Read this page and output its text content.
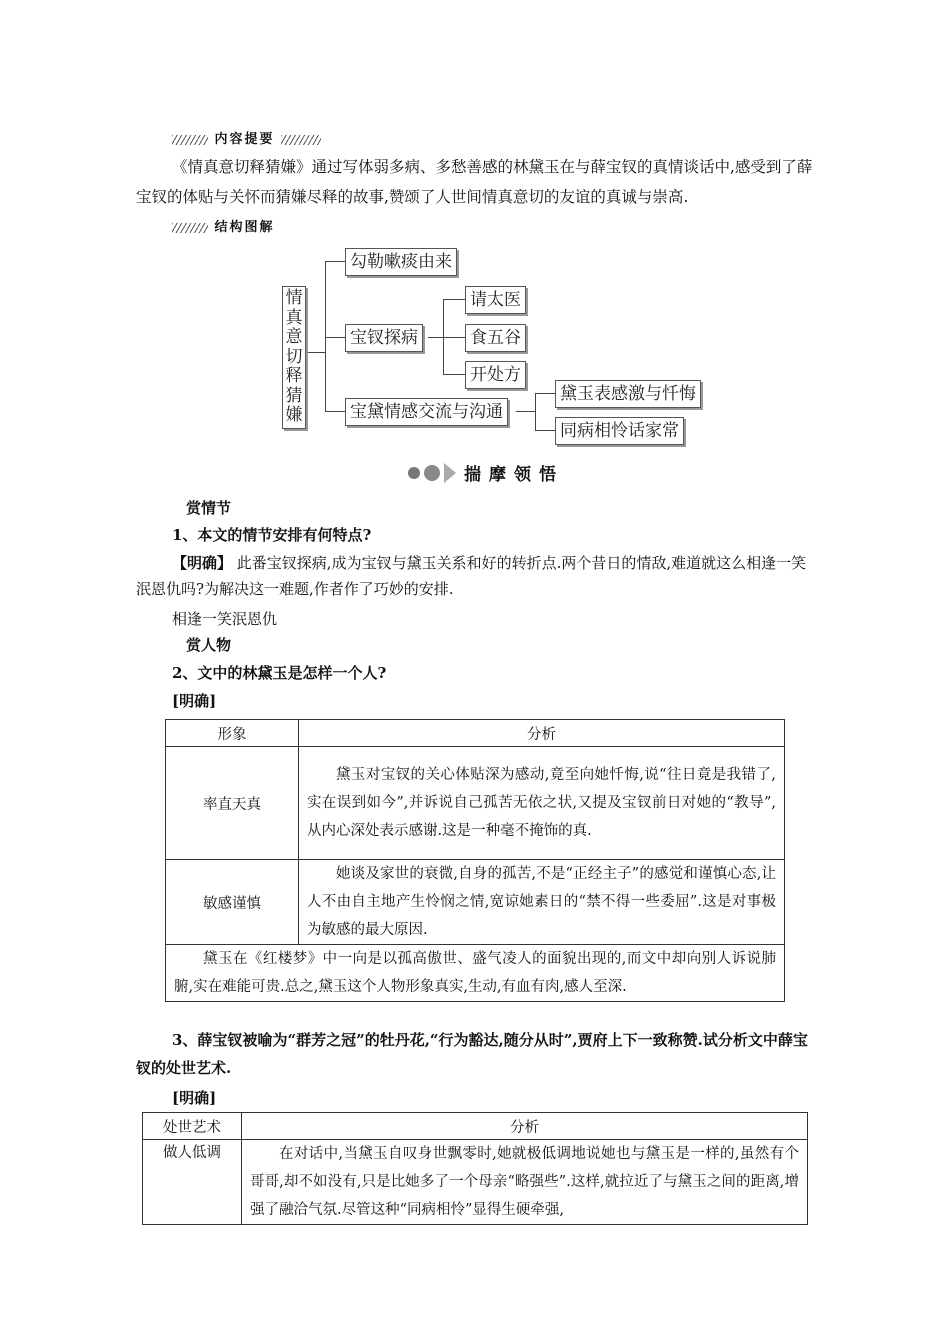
内容提要
《情真意切释猜嫌》通过写体弱多病、多愁善感的林黛玉在与薛宝钗的真情谈话中,感受到了薛宝钗的体贴与关怀而猜嫌尽释的故事,赞颂了人世间情真意切的友谊的真诚与崇高.
结构图解
情真意切释猜嫌
勾勒嗽痰由来
宝钗探病
宝黛情感交流与沟通
请太医
食五谷
开处方
黛玉表感激与忏悔
同病相怜话家常
揣摩领悟
赏情节
1、本文的情节安排有何特点?
【明确】 此番宝钗探病,成为宝钗与黛玉关系和好的转折点.两个昔日的情敌,难道就这么相逢一笑泯恩仇吗?为解决这一难题,作者作了巧妙的安排.
相逢一笑泯恩仇
赏人物
2、文中的林黛玉是怎样一个人?
[明确]
形象	分析
率直天真	黛玉对宝钗的关心体贴深为感动,竟至向她忏悔,说“往日竟是我错了,实在误到如今”,并诉说自己孤苦无依之状,又提及宝钗前日对她的“教导”,从内心深处表示感谢.这是一种毫不掩饰的真.

敏感谨慎	她谈及家世的衰微,自身的孤苦,不是“正经主子”的感觉和谨慎心态,让人不由自主地产生怜悯之情,宽谅她素日的“禁不得一些委屈”.这是对事极为敏感的最大原因.

黛玉在《红楼梦》中一向是以孤高傲世、盛气凌人的面貌出现的,而文中却向别人诉说肺腑,实在难能可贵.总之,黛玉这个人物形象真实,生动,有血有肉,感人至深.	
3、薛宝钗被喻为“群芳之冠”的牡丹花,“行为豁达,随分从时”,贾府上下一致称赞.试分析文中薛宝钗的处世艺术.
[明确]
处世艺术	分析
做人低调	在对话中,当黛玉自叹身世飘零时,她就极低调地说她也与黛玉是一样的,虽然有个哥哥,却不如没有,只是比她多了一个母亲“略强些”.这样,就拉近了与黛玉之间的距离,增强了融洽气氛.尽管这种“同病相怜”显得生硬牵强,
